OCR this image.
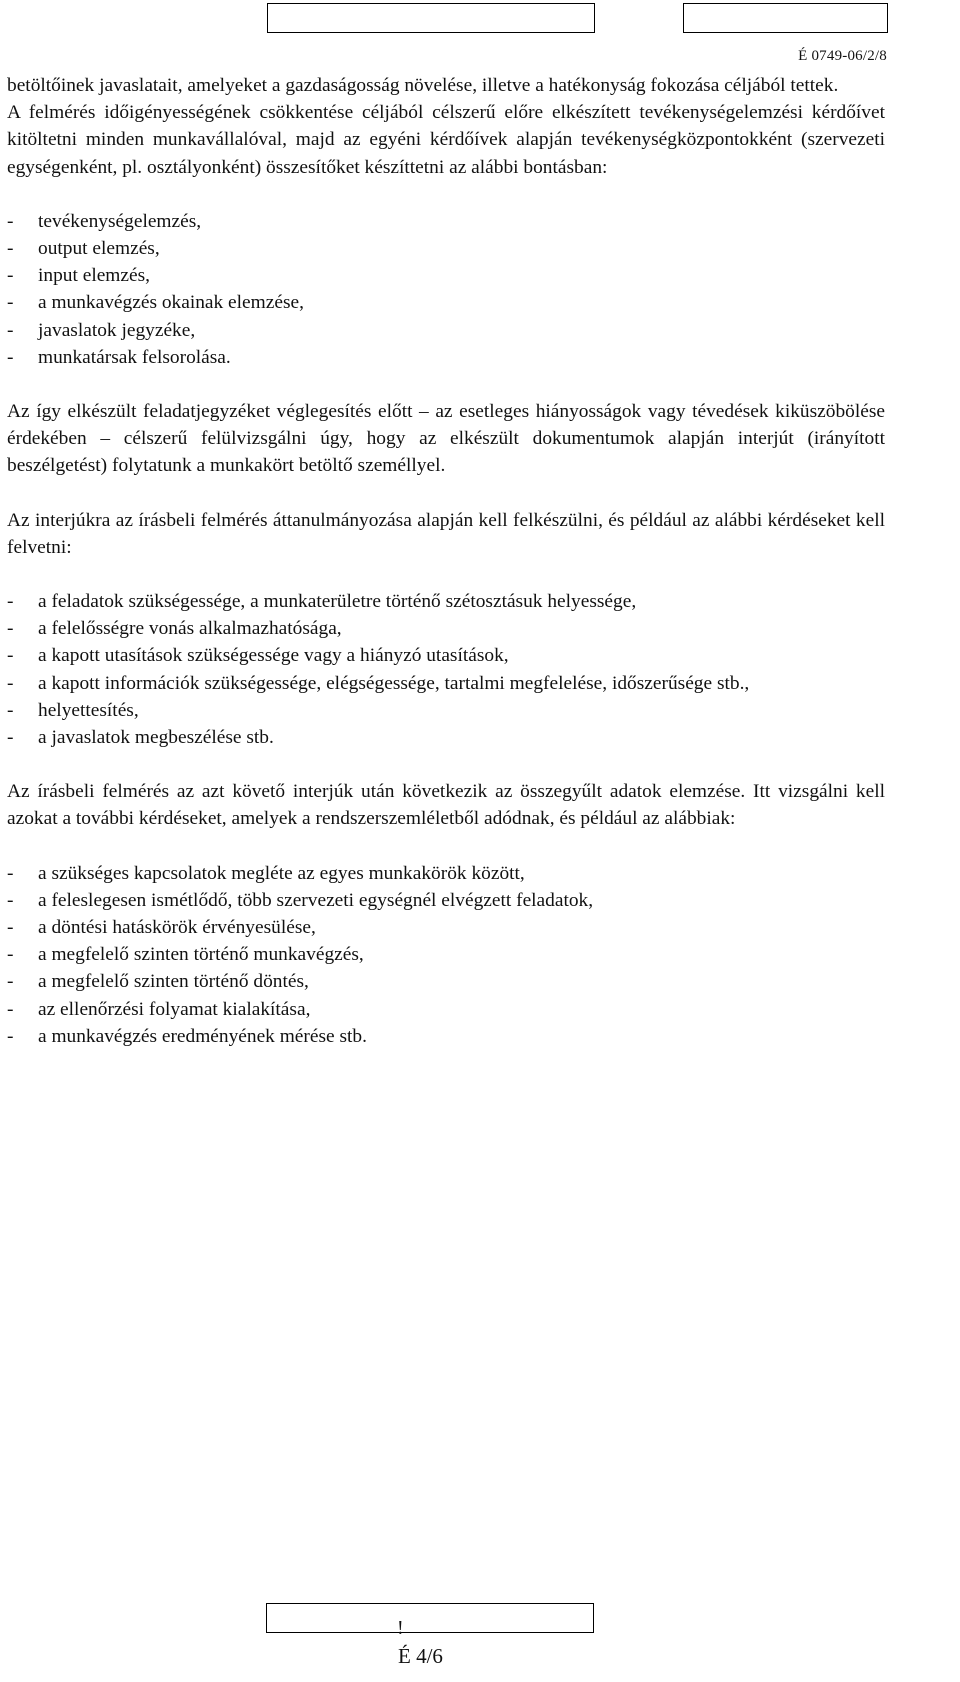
É 0749-06/2/8

betöltőinek javaslatait, amelyeket a gazdaságosság növelése, illetve a hatékonyság fokozása céljából tettek.

A felmérés időigényességének csökkentése céljából célszerű előre elkészített tevékenységelemzési kérdőívet kitöltetni minden munkavállalóval, majd az egyéni kérdőívek alapján tevékenységközpontokként (szervezeti egységenként, pl. osztályonként) összesítőket készíttetni az alábbi bontásban:

- tevékenységelemzés,
- output elemzés,
- input elemzés,
- a munkavégzés okainak elemzése,
- javaslatok jegyzéke,
- munkatársak felsorolása.

Az így elkészült feladatjegyzéket véglegesítés előtt – az esetleges hiányosságok vagy tévedések kiküszöbölése érdekében – célszerű felülvizsgálni úgy, hogy az elkészült dokumentumok alapján interjút (irányított beszélgetést) folytatunk a munkakört betöltő személlyel.

Az interjúkra az írásbeli felmérés áttanulmányozása alapján kell felkészülni, és például az alábbi kérdéseket kell felvetni:

- a feladatok szükségessége, a munkaterületre történő szétosztásuk helyessége,
- a felelősségre vonás alkalmazhatósága,
- a kapott utasítások szükségessége vagy a hiányzó utasítások,
- a kapott információk szükségessége, elégségessége, tartalmi megfelelése, időszerűsége stb.,
- helyettesítés,
- a javaslatok megbeszélése stb.

Az írásbeli felmérés az azt követő interjúk után következik az összegyűlt adatok elemzése. Itt vizsgálni kell azokat a további kérdéseket, amelyek a rendszerszemléletből adódnak, és például az alábbiak:

- a szükséges kapcsolatok megléte az egyes munkakörök között,
- a feleslegesen ismétlődő, több szervezeti egységnél elvégzett feladatok,
- a döntési hatáskörök érvényesülése,
- a megfelelő szinten történő munkavégzés,
- a megfelelő szinten történő döntés,
- az ellenőrzési folyamat kialakítása,
- a munkavégzés eredményének mérése stb.
!
É 4/6
